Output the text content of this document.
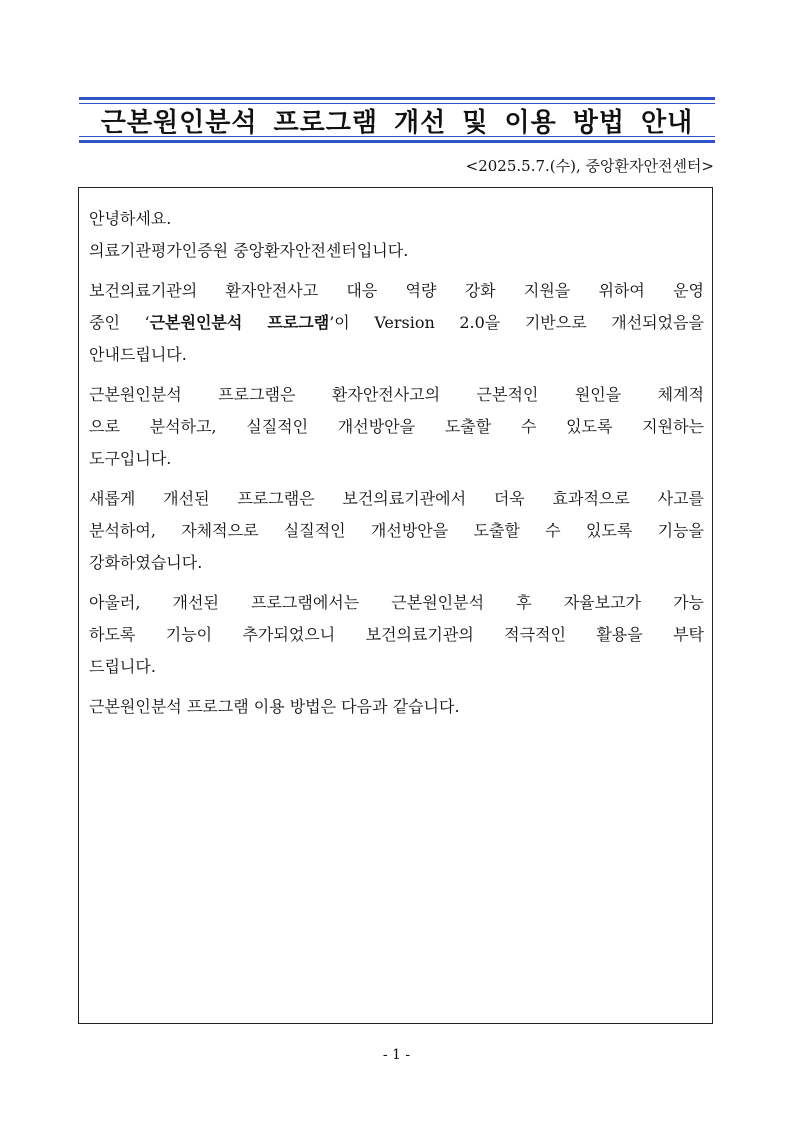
근본원인분석 프로그램 개선 및 이용 방법 안내
<2025.5.7.(수), 중앙환자안전센터>
안녕하세요.
의료기관평가인증원 중앙환자안전센터입니다.
보건의료기관의 환자안전사고 대응 역량 강화 지원을 위하여 운영
중인 ‘근본원인분석 프로그램’이 Version 2.0을 기반으로 개선되었음을
안내드립니다.
근본원인분석 프로그램은 환자안전사고의 근본적인 원인을 체계적
으로 분석하고, 실질적인 개선방안을 도출할 수 있도록 지원하는
도구입니다.
새롭게 개선된 프로그램은 보건의료기관에서 더욱 효과적으로 사고를
분석하여, 자체적으로 실질적인 개선방안을 도출할 수 있도록 기능을
강화하였습니다.
아울러, 개선된 프로그램에서는 근본원인분석 후 자율보고가 가능
하도록 기능이 추가되었으니 보건의료기관의 적극적인 활용을 부탁
드립니다.
근본원인분석 프로그램 이용 방법은 다음과 같습니다.
- 1 -
